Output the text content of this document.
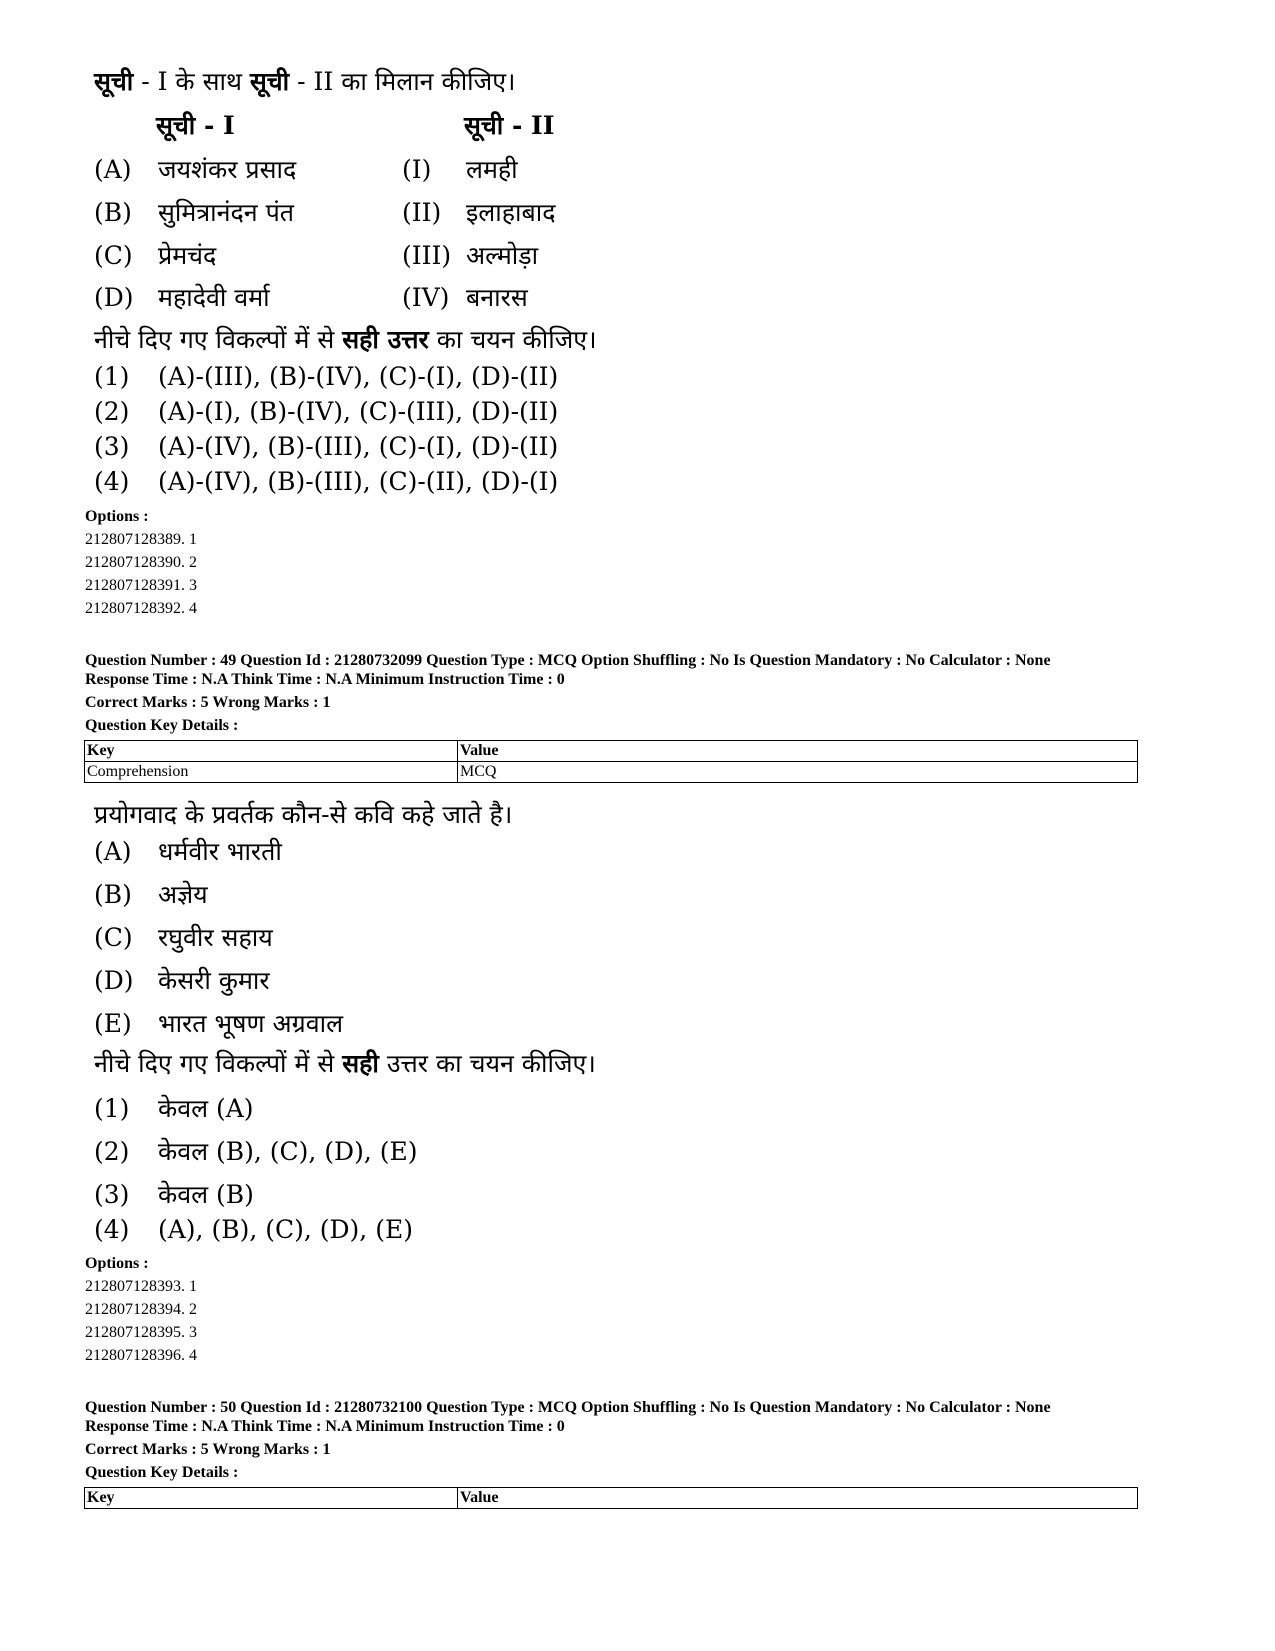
सूची - I के साथ सूची - II का मिलान कीजिए।
सूची - I	सूची - II
(A) जयशंकर प्रसाद	(I) लमही
(B) सुमित्रानंदन पंत	(II) इलाहाबाद
(C) प्रेमचंद	(III) अल्मोड़ा
(D) महादेवी वर्मा	(IV) बनारस
नीचे दिए गए विकल्पों में से सही उत्तर का चयन कीजिए।
(1) (A)-(III), (B)-(IV), (C)-(I), (D)-(II)
(2) (A)-(I), (B)-(IV), (C)-(III), (D)-(II)
(3) (A)-(IV), (B)-(III), (C)-(I), (D)-(II)
(4) (A)-(IV), (B)-(III), (C)-(II), (D)-(I)
Options :
212807128389. 1
212807128390. 2
212807128391. 3
212807128392. 4
Question Number : 49 Question Id : 21280732099 Question Type : MCQ Option Shuffling : No Is Question Mandatory : No Calculator : None
Response Time : N.A Think Time : N.A Minimum Instruction Time : 0
Correct Marks : 5 Wrong Marks : 1
Question Key Details :
Key	Value
Comprehension	MCQ
प्रयोगवाद के प्रवर्तक कौन-से कवि कहे जाते है।
(A) धर्मवीर भारती
(B) अज्ञेय
(C) रघुवीर सहाय
(D) केसरी कुमार
(E) भारत भूषण अग्रवाल
नीचे दिए गए विकल्पों में से सही उत्तर का चयन कीजिए।
(1) केवल (A)
(2) केवल (B), (C), (D), (E)
(3) केवल (B)
(4) (A), (B), (C), (D), (E)
Options :
212807128393. 1
212807128394. 2
212807128395. 3
212807128396. 4
Question Number : 50 Question Id : 21280732100 Question Type : MCQ Option Shuffling : No Is Question Mandatory : No Calculator : None
Response Time : N.A Think Time : N.A Minimum Instruction Time : 0
Correct Marks : 5 Wrong Marks : 1
Question Key Details :
Key	Value
